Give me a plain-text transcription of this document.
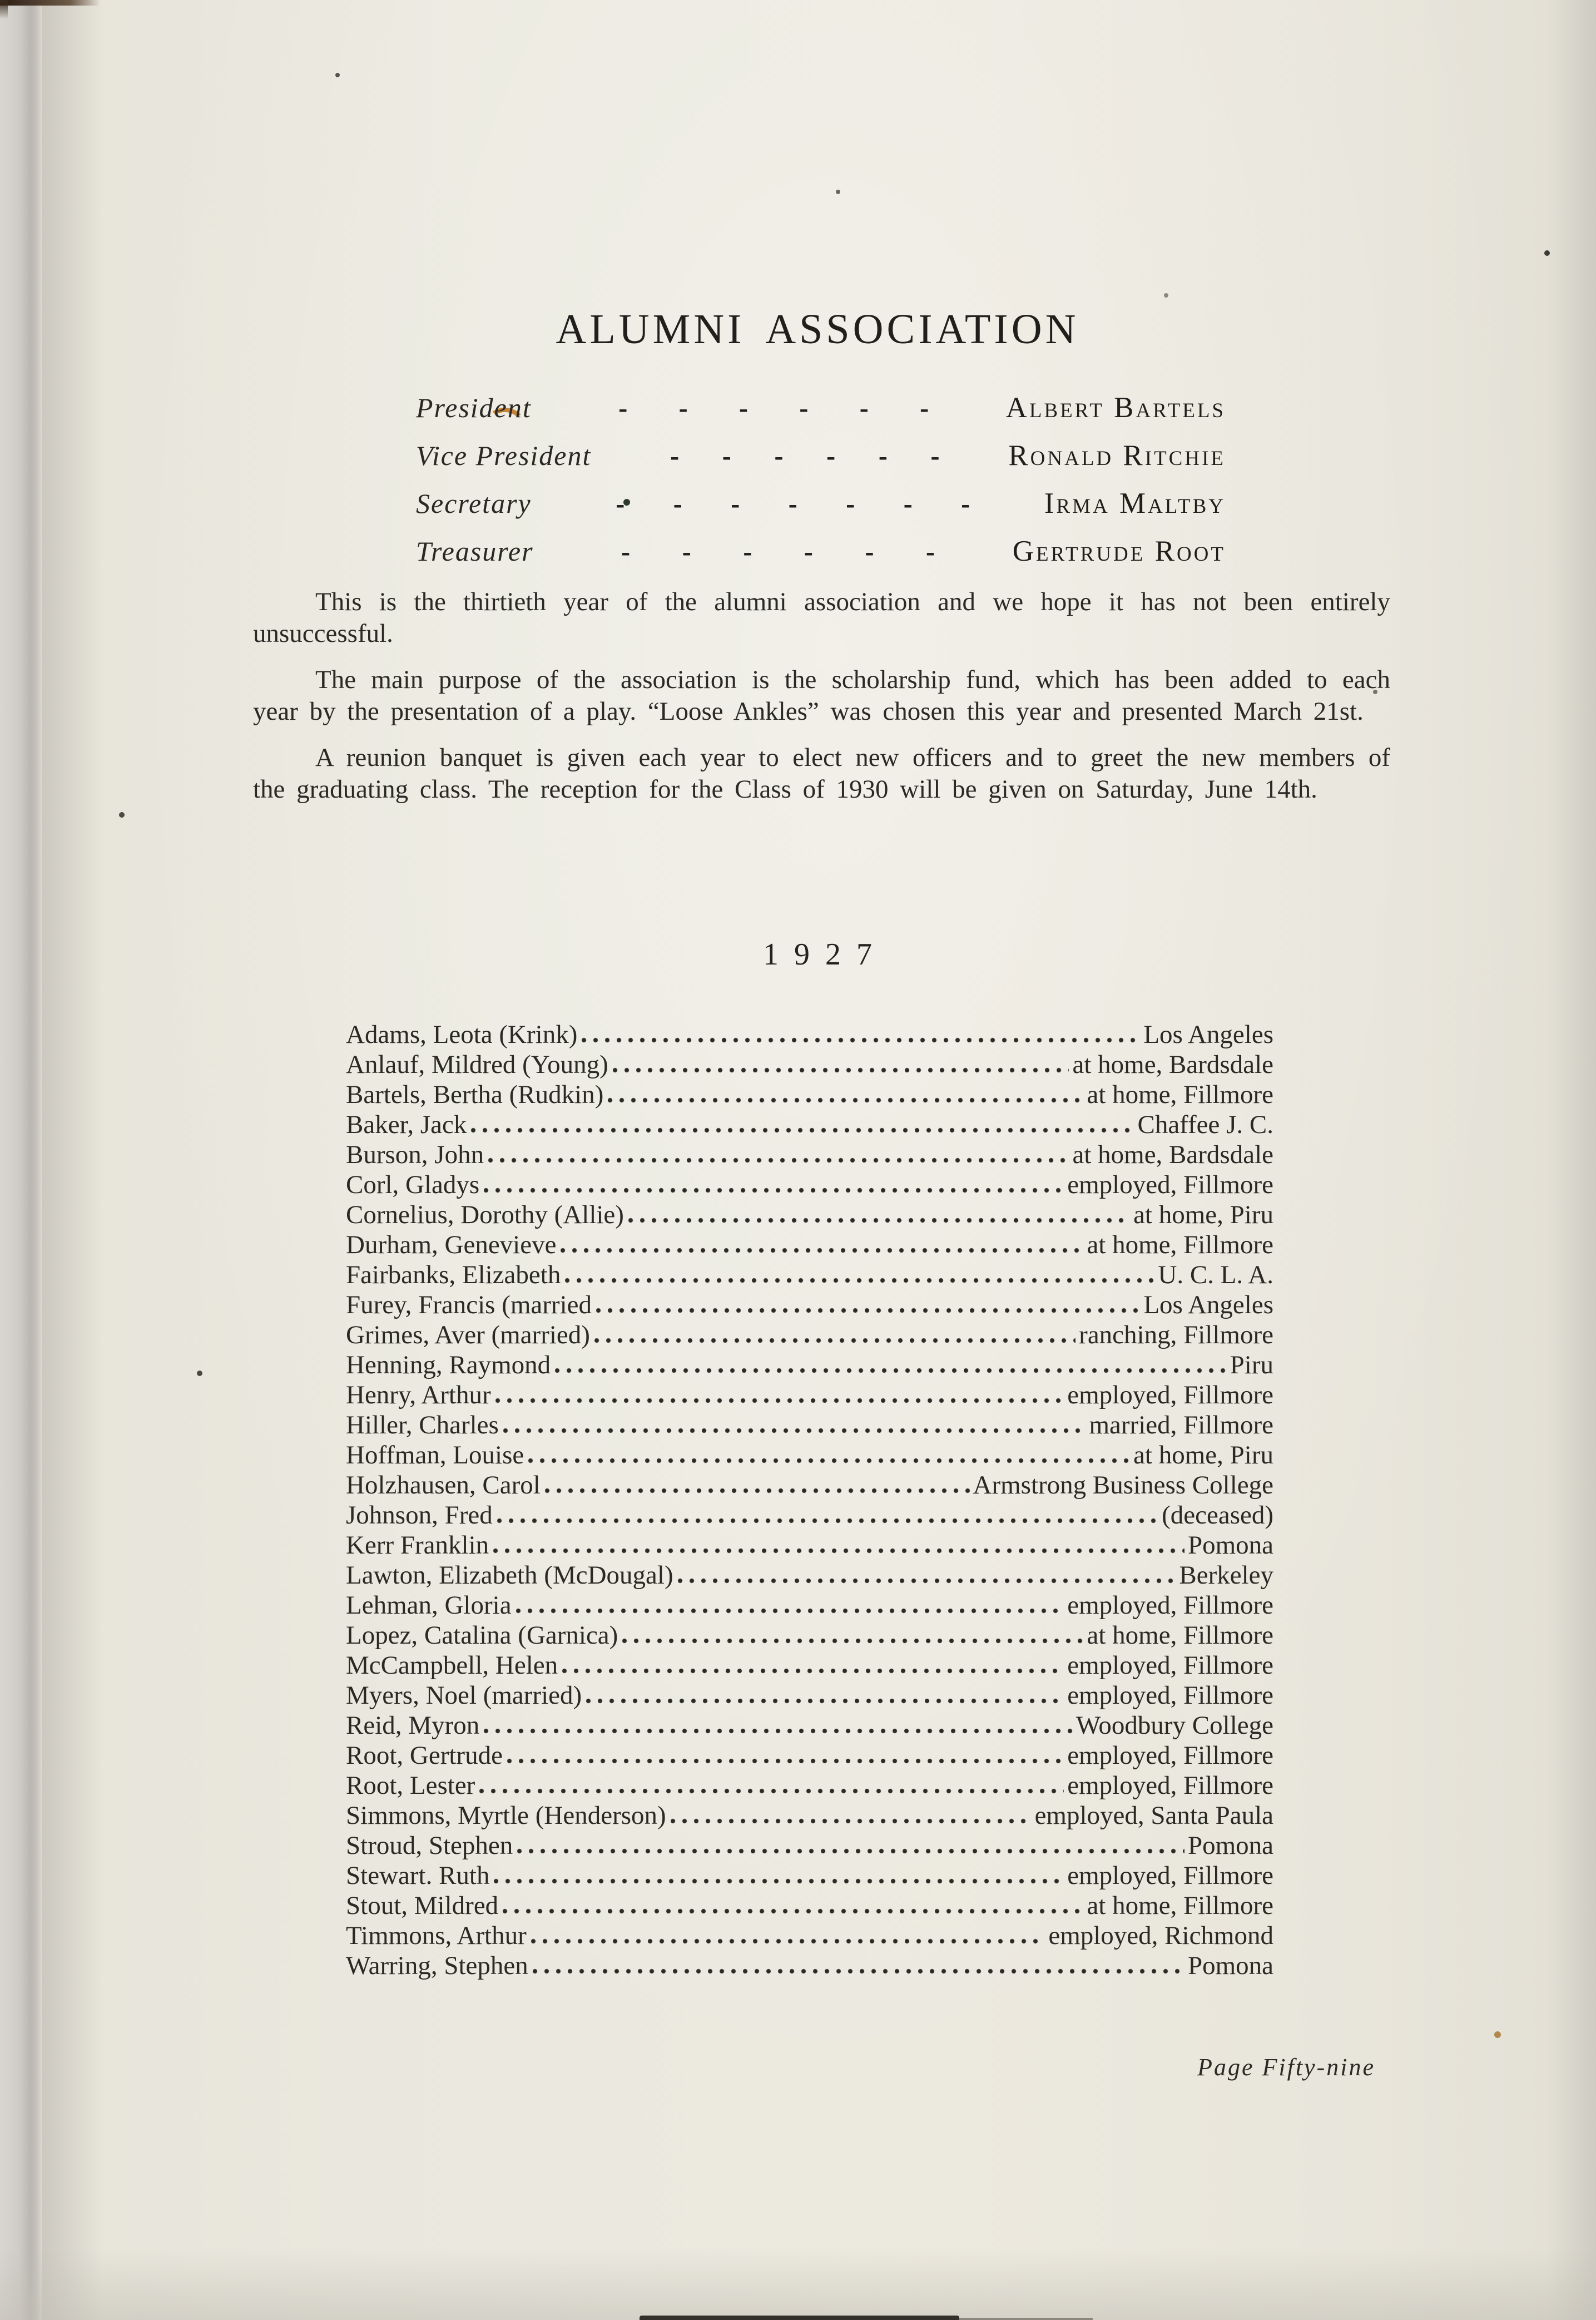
ALUMNI ASSOCIATION
President	- - - - - -	Albert Bartels
Vice President	- - - - - - Ronald Ritchie
Secretary	- - - - - - -	Irma Maltby
Treasurer	- - - - - -	Gertrude Root

This is the thirtieth year of the alumni association and we hope it has not been entirely unsuccessful.

The main purpose of the association is the scholarship fund, which has been added to each year by the presentation of a play. “Loose Ankles” was chosen this year and presented March 21st.

A reunion banquet is given each year to elect new officers and to greet the new members of the graduating class. The reception for the Class of 1930 will be given on Saturday, June 14th.

1927
Adams, Leota (Krink)	Los Angeles
Anlauf, Mildred (Young)	at home, Bardsdale
Bartels, Bertha (Rudkin)	at home, Fillmore
Baker, Jack	Chaffee J. C.
Burson, John	at home, Bardsdale
Corl, Gladys	employed, Fillmore
Cornelius, Dorothy (Allie)	at home, Piru
Durham, Genevieve	at home, Fillmore
Fairbanks, Elizabeth	U. C. L. A.
Furey, Francis (married	Los Angeles
Grimes, Aver (married)	ranching, Fillmore
Henning, Raymond	Piru
Henry, Arthur	employed, Fillmore
Hiller, Charles	married, Fillmore
Hoffman, Louise	at home, Piru
Holzhausen, Carol	Armstrong Business College
Johnson, Fred	(deceased)
Kerr Franklin	Pomona
Lawton, Elizabeth (McDougal)	Berkeley
Lehman, Gloria	employed, Fillmore
Lopez, Catalina (Garnica)	at home, Fillmore
McCampbell, Helen	employed, Fillmore
Myers, Noel (married)	employed, Fillmore
Reid, Myron	Woodbury College
Root, Gertrude	employed, Fillmore
Root, Lester	employed, Fillmore
Simmons, Myrtle (Henderson)	employed, Santa Paula
Stroud, Stephen	Pomona
Stewart. Ruth	employed, Fillmore
Stout, Mildred	at home, Fillmore
Timmons, Arthur	employed, Richmond
Warring, Stephen	Pomona
Page Fifty-nine
